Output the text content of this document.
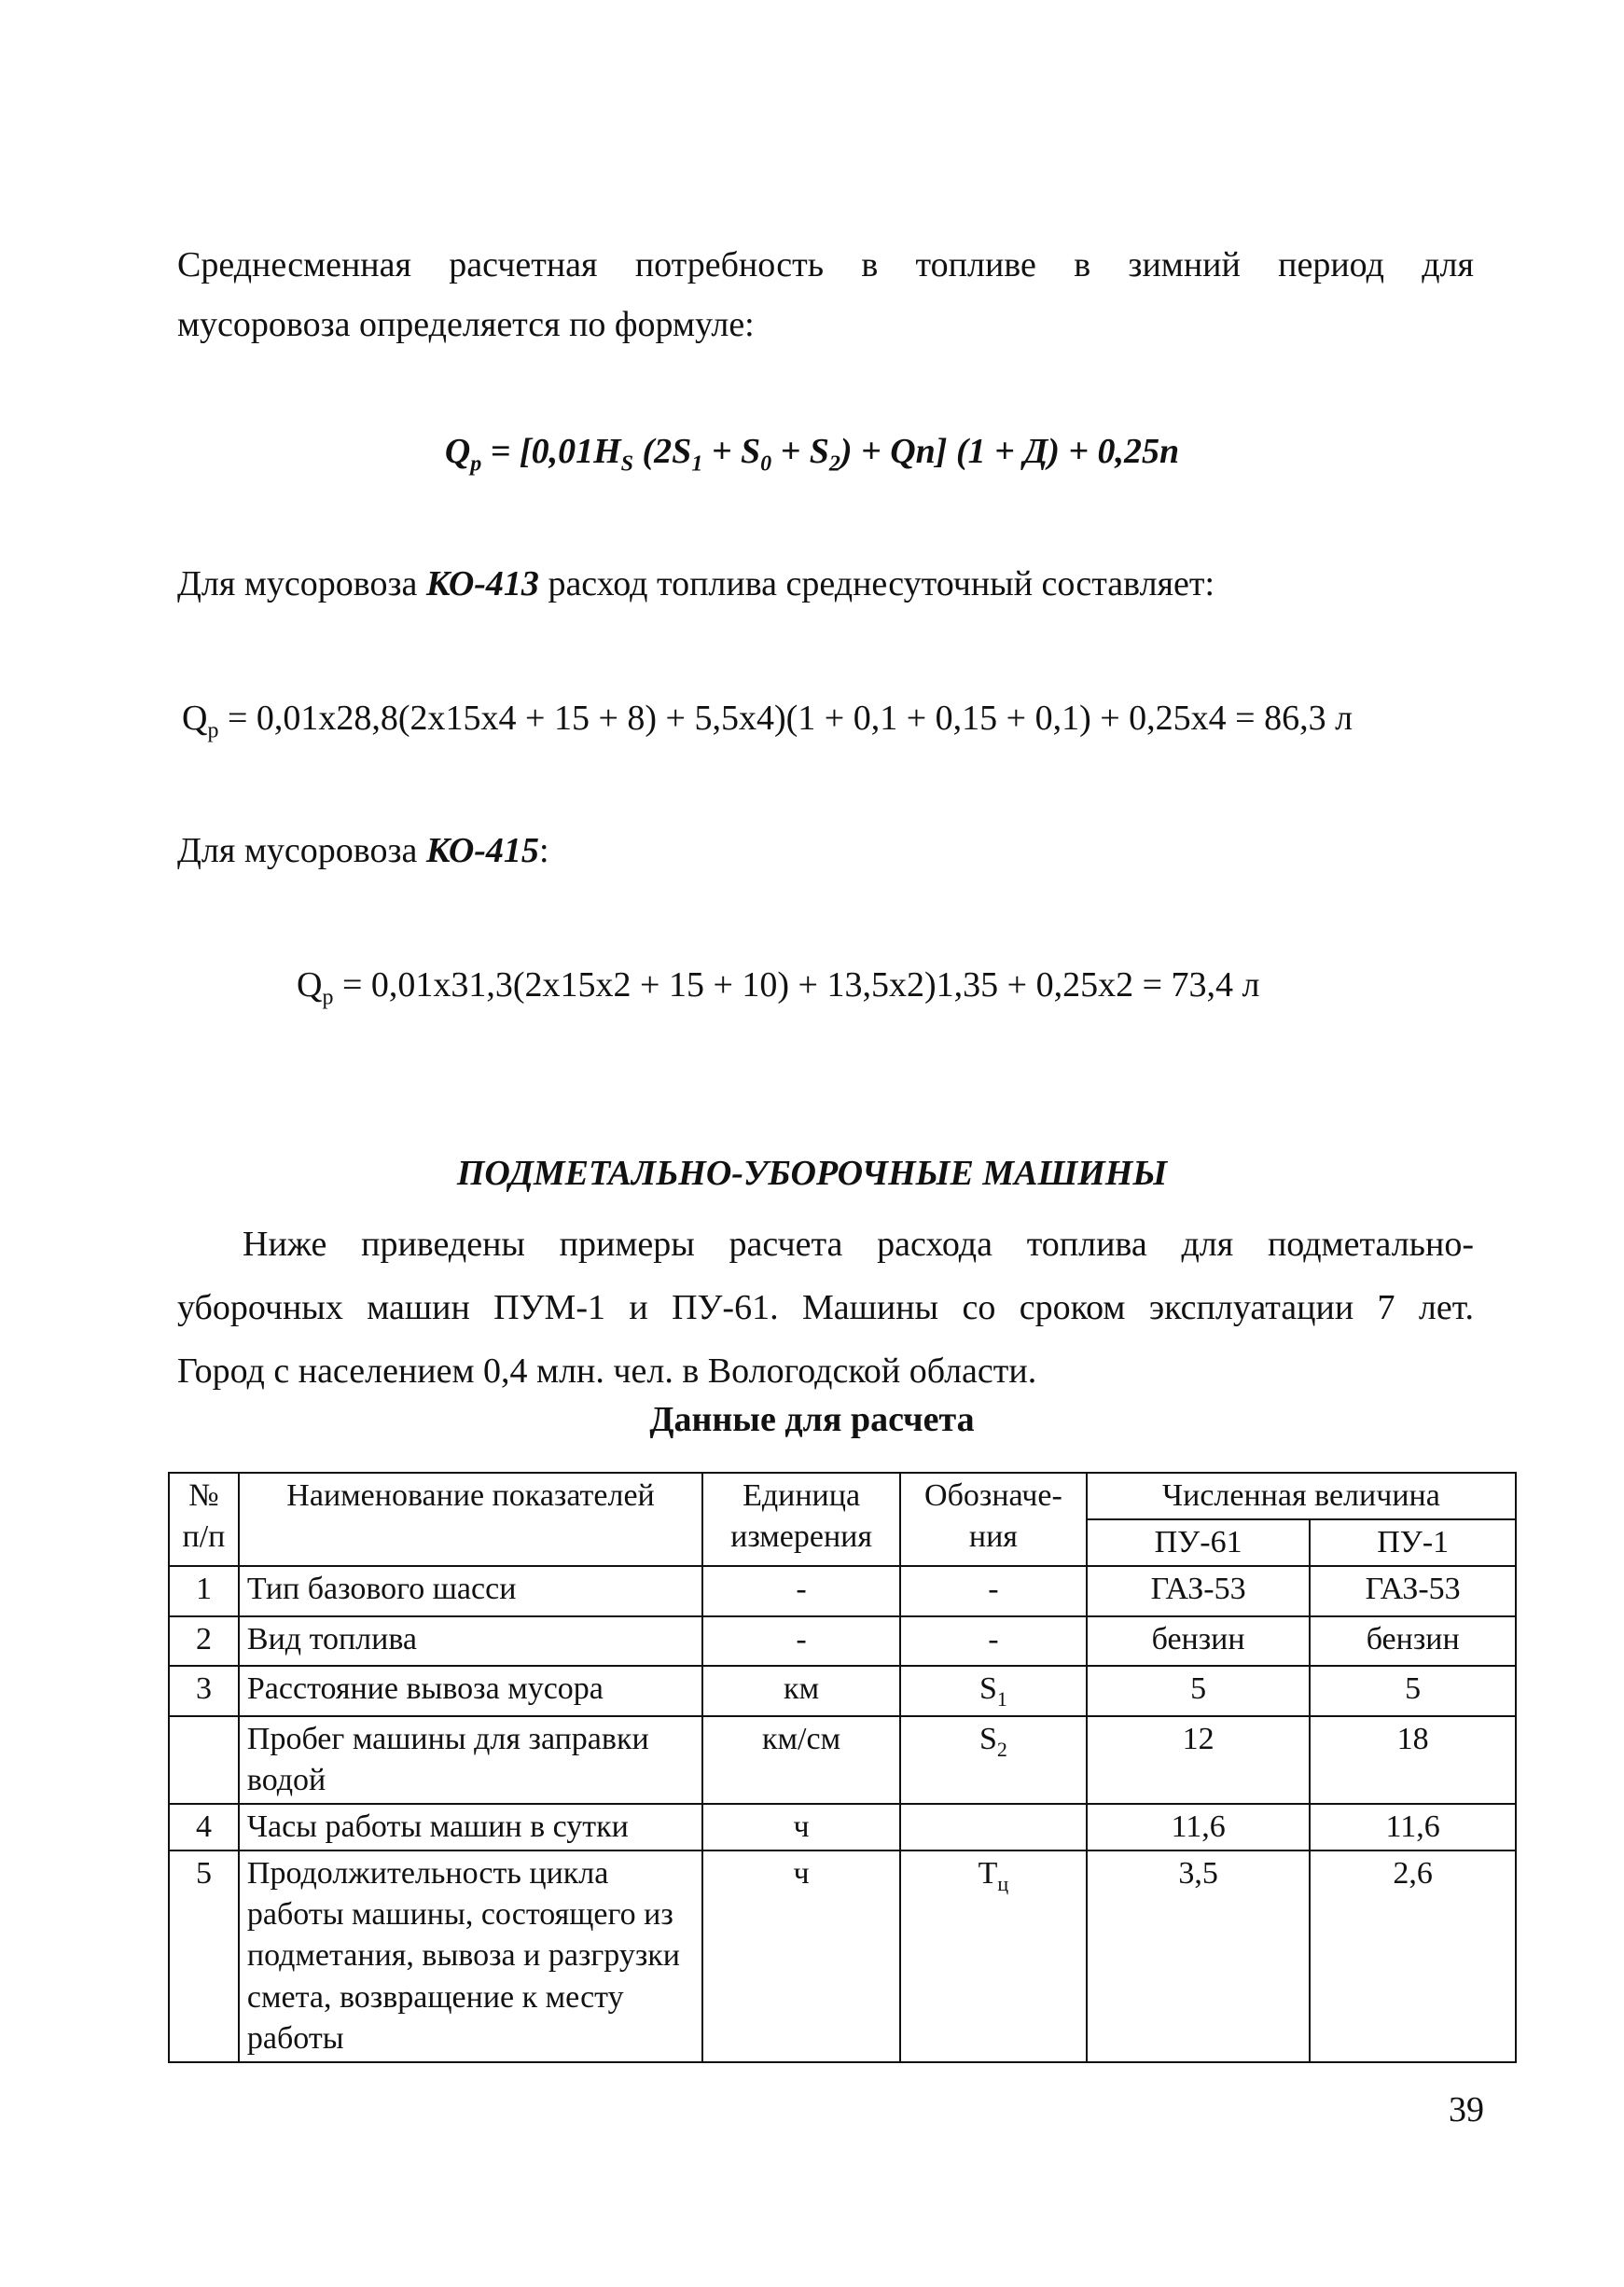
Среднесменная расчетная потребность в топливе в зимний период для
мусоровоза определяется по формуле:
$Q_р = [0,01H_S$ $(2S_1 + S_0 + S_2) + Qn$] (1 + Д) + 0,25n
Для мусоровоза КО-413 расход топлива среднесуточный составляет:
$Q_р = 0,01x28,8(2x15x4 + 15 + 8) + 5,5x4)(1 + 0,1 + 0,15 + 0,1) + 0,25x4 = 86,3$ л
Для мусоровоза КО-415:
$Q_р = 0,01x31,3(2x15x2 + 15 + 10) + 13,5x2)1,35 + 0,25x2 = 73,4$ л
ПОДМЕТАЛЬНО-УБОРОЧНЫЕ МАШИНЫ
Ниже приведены примеры расчета расхода топлива для подметально-
уборочных машин ПУМ-1 и ПУ-61. Машины со сроком эксплуатации 7 лет.
Город с населением 0,4 млн. чел. в Вологодской области.
Данные для расчета
№ п/п	Наименование показателей	Единица измерения	Обозначе- ния	Численная величина	
				ПУ-61	ПУ-1
1	Тип базового шасси	-	-	ГАЗ-53	ГАЗ-53
2	Вид топлива	-	-	бензин	бензин
3	Расстояние вывоза мусора	км	$S_1$	5	5
	Пробег машины для заправки водой	км/см	$S_2$	12	18
4	Часы работы машин в сутки	ч		11,6	11,6
5	Продолжительность цикла работы машины, состоящего из подметания, вывоза и разгрузки смета, возвращение к месту работы	ч	$T_ц$	3,5	2,6
39
